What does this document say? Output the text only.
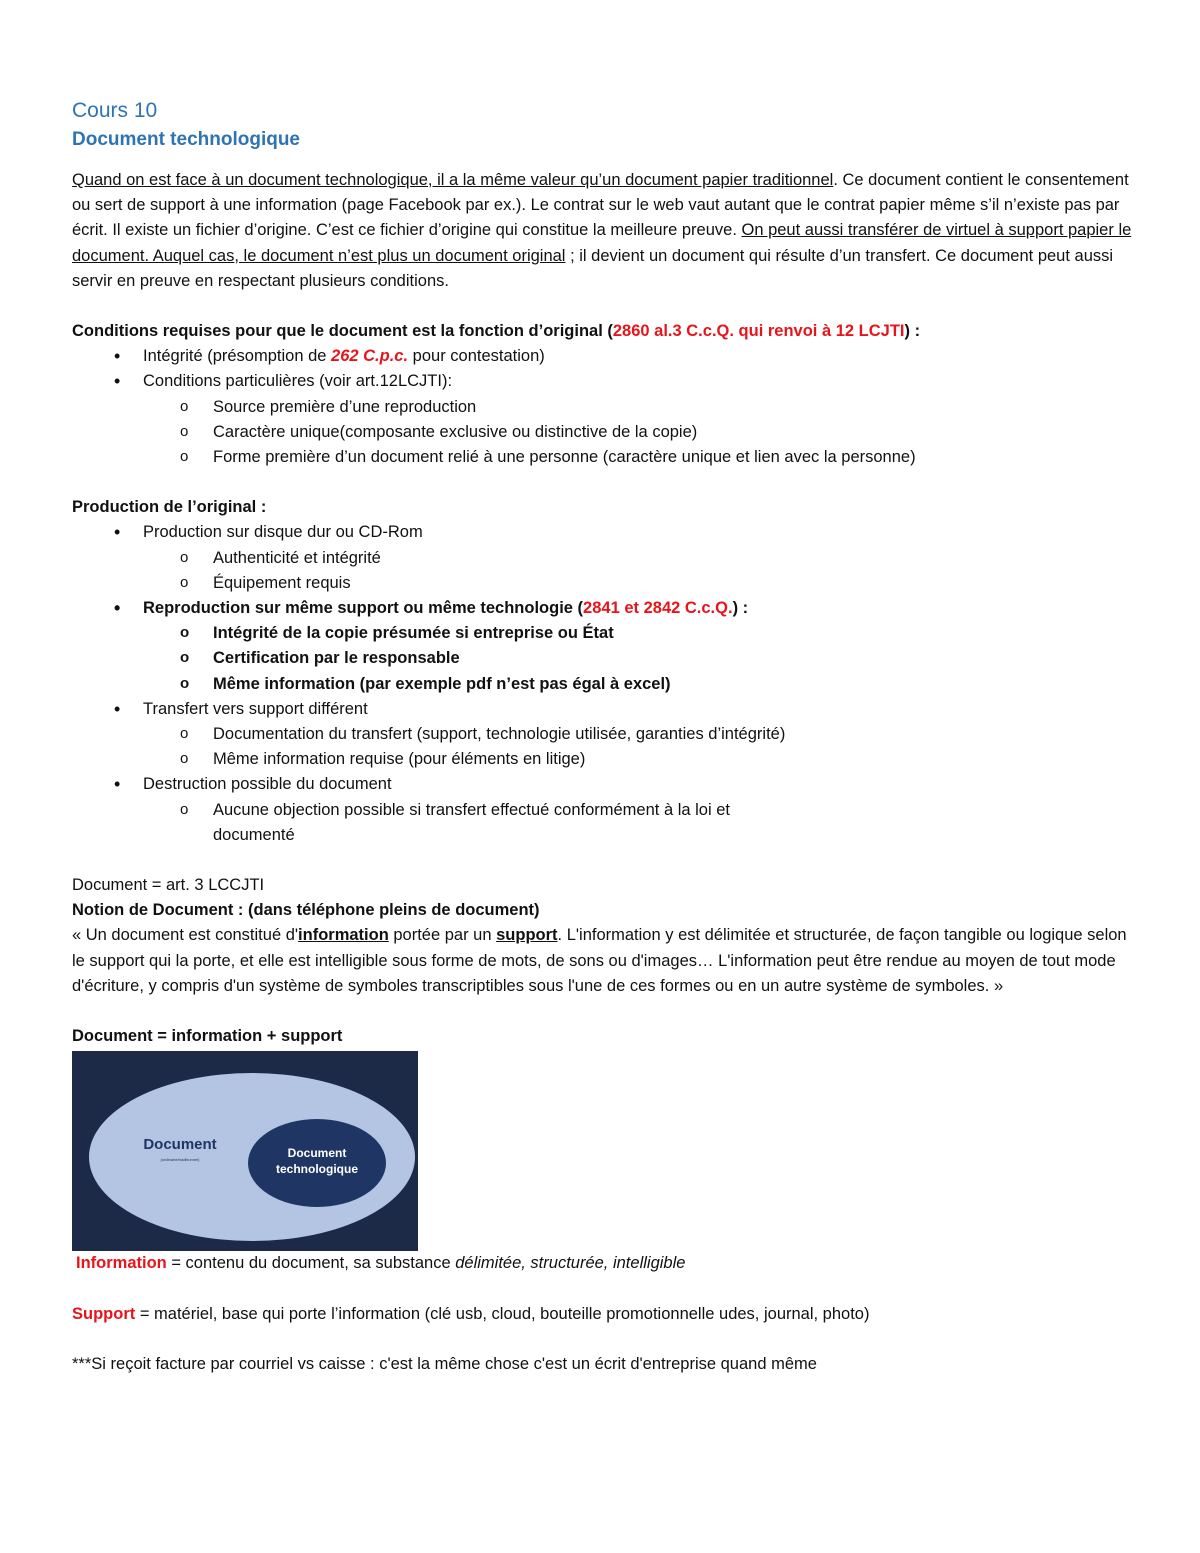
Cours 10
Document technologique

Quand on est face à un document technologique, il a la même valeur qu’un document papier traditionnel. Ce document contient le consentement ou sert de support à une information (page Facebook par ex.). Le contrat sur le web vaut autant que le contrat papier même s’il n’existe pas par écrit. Il existe un fichier d’origine. C’est ce fichier d’origine qui constitue la meilleure preuve. On peut aussi transférer de virtuel à support papier le document. Auquel cas, le document n’est plus un document original ; il devient un document qui résulte d’un transfert. Ce document peut aussi servir en preuve en respectant plusieurs conditions.

Conditions requises pour que le document est la fonction d’original (2860 al.3 C.c.Q. qui renvoi à 12 LCJTI) :

• Intégrité (présomption de 262 C.p.c. pour contestation)
• Conditions particulières (voir art.12LCJTI):
o Source première d’une reproduction
o Caractère unique(composante exclusive ou distinctive de la copie)
o Forme première d’un document relié à une personne (caractère unique et lien avec la personne)

Production de l’original :

• Production sur disque dur ou CD-Rom
o Authenticité et intégrité
o Équipement requis
• Reproduction sur même support ou même technologie (2841 et 2842 C.c.Q.) :
o Intégrité de la copie présumée si entreprise ou État
o Certification par le responsable
o Même information (par exemple pdf n’est pas égal à excel)
• Transfert vers support différent
o Documentation du transfert (support, technologie utilisée, garanties d’intégrité)
o Même information requise (pour éléments en litige)
• Destruction possible du document
o Aucune objection possible si transfert effectué conformément à la loi et
documenté

Document = art. 3 LCCJTI

Notion de Document : (dans téléphone pleins de document)

« Un document est constitué d'information portée par un support. L'information y est délimitée et structurée, de façon tangible ou logique selon le support qui la porte, et elle est intelligible sous forme de mots, de sons ou d'images… L'information peut être rendue au moyen de tout mode d'écriture, y compris d'un système de symboles transcriptibles sous l'une de ces formes ou en un autre système de symboles. »

Document = information + support

Document
(ordinaire/traditionnel)	Document
technologique

Information = contenu du document, sa substance délimitée, structurée, intelligible

Support = matériel, base qui porte l’information (clé usb, cloud, bouteille promotionnelle udes, journal, photo)

***Si reçoit facture par courriel vs caisse : c'est la même chose c'est un écrit d'entreprise quand même
